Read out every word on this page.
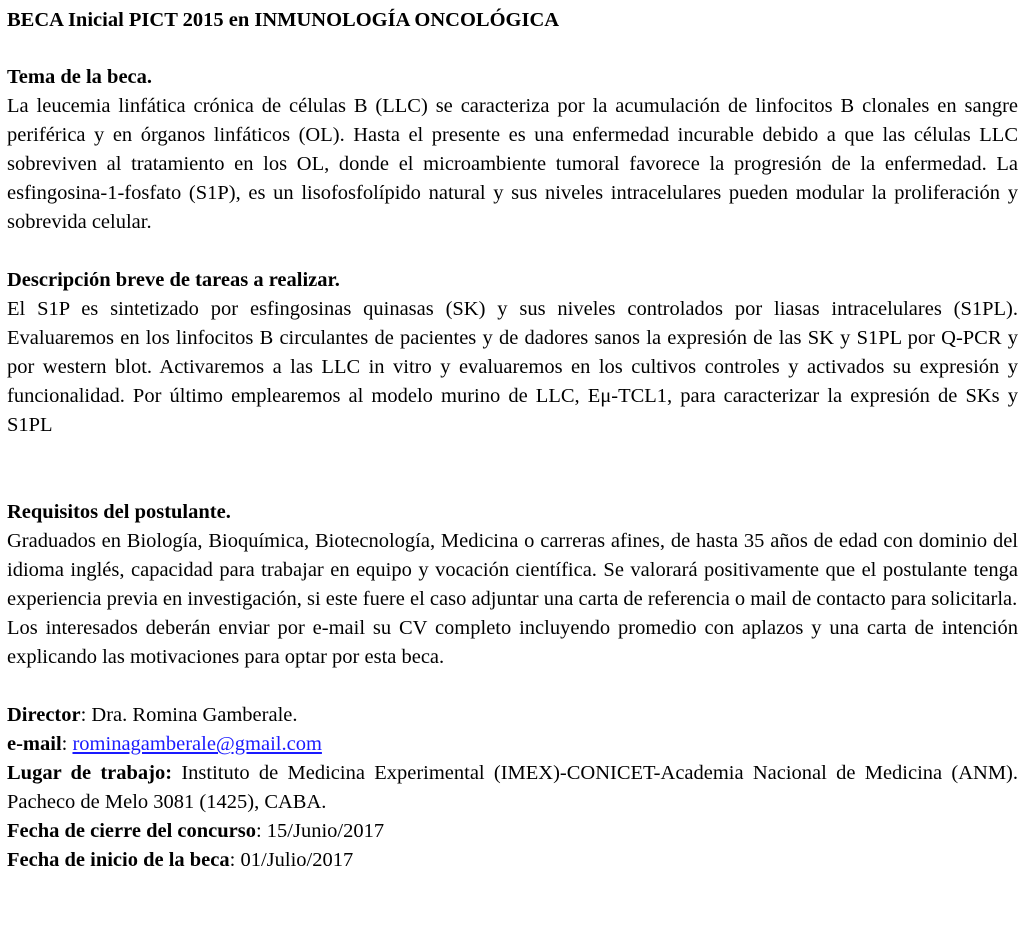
BECA Inicial PICT 2015 en INMUNOLOGÍA ONCOLÓGICA

Tema de la beca.

La leucemia linfática crónica de células B (LLC) se caracteriza por la acumulación de linfocitos B clonales en sangre periférica y en órganos linfáticos (OL). Hasta el presente es una enfermedad incurable debido a que las células LLC sobreviven al tratamiento en los OL, donde el microambiente tumoral favorece la progresión de la enfermedad. La esfingosina-1-fosfato (S1P), es un lisofosfolípido natural y sus niveles intracelulares pueden modular la proliferación y sobrevida celular.

Descripción breve de tareas a realizar.

El S1P es sintetizado por esfingosinas quinasas (SK) y sus niveles controlados por liasas intracelulares (S1PL). Evaluaremos en los linfocitos B circulantes de pacientes y de dadores sanos la expresión de las SK y S1PL por Q-PCR y por western blot. Activaremos a las LLC in vitro y evaluaremos en los cultivos controles y activados su expresión y funcionalidad. Por último emplearemos al modelo murino de LLC, Eμ-TCL1, para caracterizar la expresión de SKs y S1PL

Requisitos del postulante.

Graduados en Biología, Bioquímica, Biotecnología, Medicina o carreras afines, de hasta 35 años de edad con dominio del idioma inglés, capacidad para trabajar en equipo y vocación científica. Se valorará positivamente que el postulante tenga experiencia previa en investigación, si este fuere el caso adjuntar una carta de referencia o mail de contacto para solicitarla.

Los interesados deberán enviar por e-mail su CV completo incluyendo promedio con aplazos y una carta de intención explicando las motivaciones para optar por esta beca.

Director: Dra. Romina Gamberale.

e-mail: rominagamberale@gmail.com

Lugar de trabajo: Instituto de Medicina Experimental (IMEX)-CONICET-Academia Nacional de Medicina (ANM). Pacheco de Melo 3081 (1425), CABA.

Fecha de cierre del concurso: 15/Junio/2017

Fecha de inicio de la beca: 01/Julio/2017
